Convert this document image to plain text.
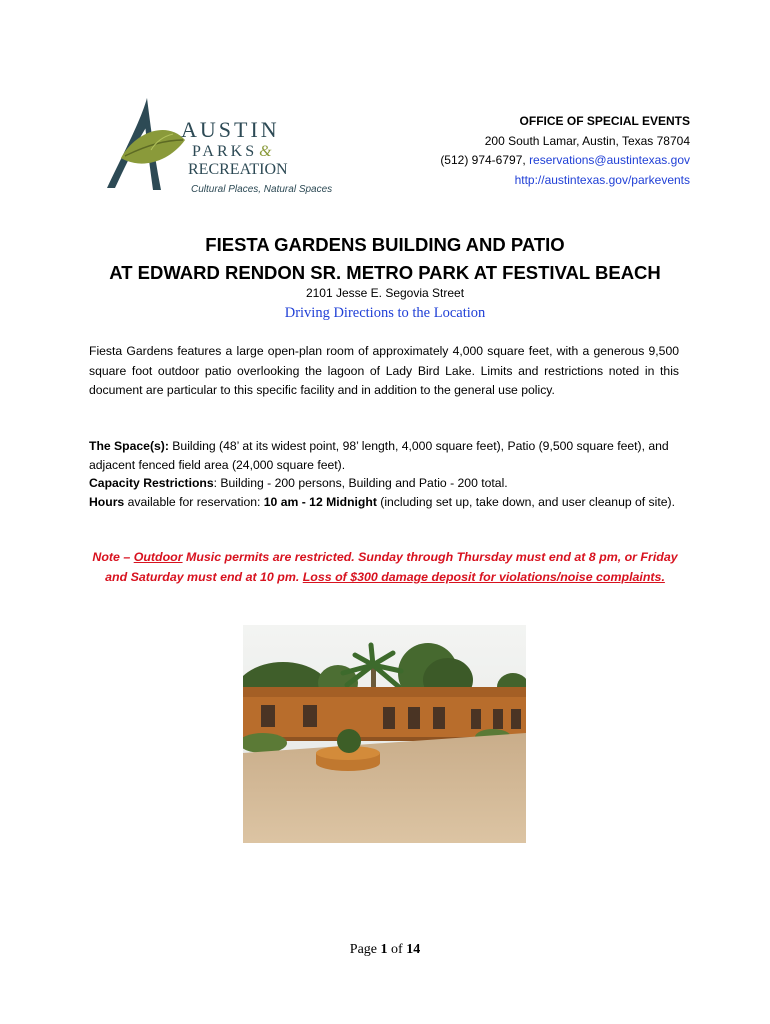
AUSTIN
PARKS &
RECREATION
Cultural Places, Natural Spaces
OFFICE OF SPECIAL EVENTS
200 South Lamar, Austin, Texas 78704
(512) 974-6797, reservations@austintexas.gov
http://austintexas.gov/parkevents
FIESTA GARDENS BUILDING AND PATIO
AT EDWARD RENDON SR. METRO PARK AT FESTIVAL BEACH
2101 Jesse E. Segovia Street
Driving Directions to the Location
Fiesta Gardens features a large open-plan room of approximately 4,000 square feet, with a generous 9,500 square foot outdoor patio overlooking the lagoon of Lady Bird Lake. Limits and restrictions noted in this document are particular to this specific facility and in addition to the general use policy.
The Space(s): Building (48’ at its widest point, 98’ length, 4,000 square feet), Patio (9,500 square feet), and adjacent fenced field area (24,000 square feet).
Capacity Restrictions: Building - 200 persons, Building and Patio - 200 total.
Hours available for reservation: 10 am - 12 Midnight (including set up, take down, and user cleanup of site).
Note – Outdoor Music permits are restricted. Sunday through Thursday must end at 8 pm, or Friday and Saturday must end at 10 pm. Loss of $300 damage deposit for violations/noise complaints.
Page 1 of 14
